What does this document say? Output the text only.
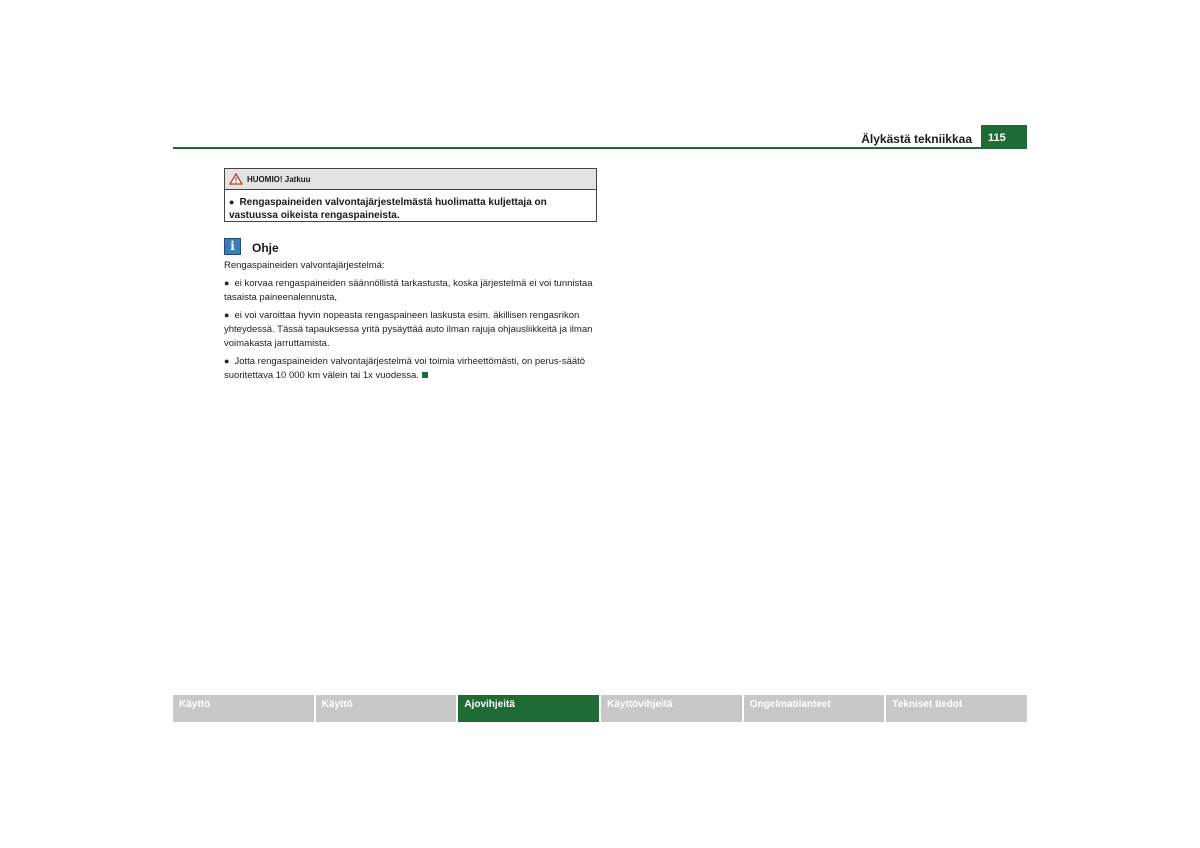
Älykästä tekniikkaa	115
HUOMIO! Jatkuu
● Rengaspaineiden valvontajärjestelmästä huolimatta kuljettaja on vastuussa oikeista rengaspaineista.
i	Ohje

Rengaspaineiden valvontajärjestelmä:

● ei korvaa rengaspaineiden säännöllistä tarkastusta, koska järjestelmä ei voi tunnistaa tasaista paineenalennusta,

● ei voi varoittaa hyvin nopeasta rengaspaineen laskusta esim. äkillisen rengasrikon yhteydessä. Tässä tapauksessa yritä pysäyttää auto ilman rajuja ohjausliikkeitä ja ilman voimakasta jarruttamista.

● Jotta rengaspaineiden valvontajärjestelmä voi toimia virheettömästi, on perus-säätö suoritettava 10 000 km välein tai 1x vuodessa.

Käyttö	Käyttö	Ajovihjeitä	Käyttövihjeitä	Ongelmatilanteet	Tekniset tiedot
